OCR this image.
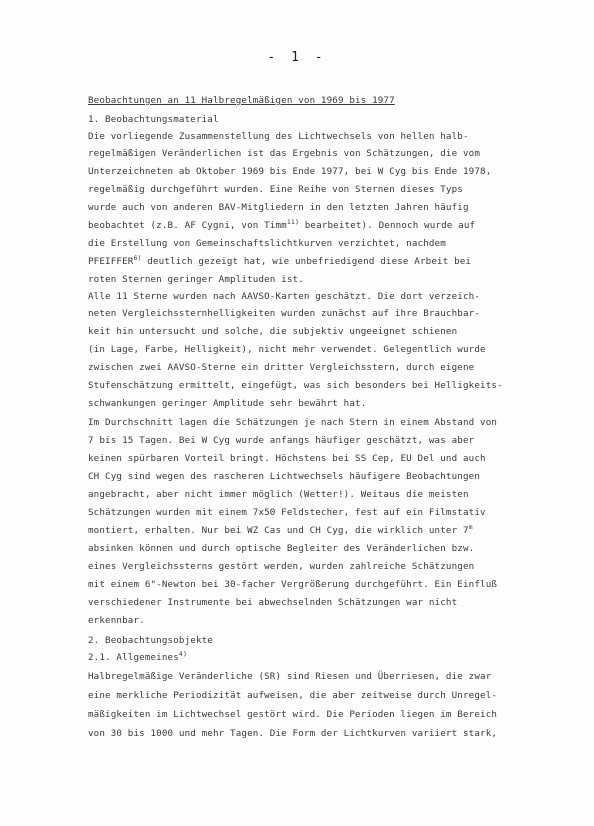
- 1 -
Beobachtungen an 11 Halbregelmäßigen von 1969 bis 1977
1. Beobachtungsmaterial
Die vorliegende Zusammenstellung des Lichtwechsels von hellen halb-
regelmäßigen Veränderlichen ist das Ergebnis von Schätzungen, die vom
Unterzeichneten ab Oktober 1969 bis Ende 1977, bei W Cyg bis Ende 1978,
regelmäßig durchgeführt wurden. Eine Reihe von Sternen dieses Typs
wurde auch von anderen BAV-Mitgliedern in den letzten Jahren häufig
beobachtet (z.B. AF Cygni, von Timm$^{11)}$ bearbeitet). Dennoch wurde auf
die Erstellung von Gemeinschaftslichtkurven verzichtet, nachdem
PFEIFFER$^{6)}$ deutlich gezeigt hat, wie unbefriedigend diese Arbeit bei
roten Sternen geringer Amplituden ist.
Alle 11 Sterne wurden nach AAVSO-Karten geschätzt. Die dort verzeich-
neten Vergleichssternhelligkeiten wurden zunächst auf ihre Brauchbar-
keit hin untersucht und solche, die subjektiv ungeeignet schienen
(in Lage, Farbe, Helligkeit), nicht mehr verwendet. Gelegentlich wurde
zwischen zwei AAVSO-Sterne ein dritter Vergleichsstern, durch eigene
Stufenschätzung ermittelt, eingefügt, was sich besonders bei Helligkeits-
schwankungen geringer Amplitude sehr bewährt hat.
Im Durchschnitt lagen die Schätzungen je nach Stern in einem Abstand von
7 bis 15 Tagen. Bei W Cyg wurde anfangs häufiger geschätzt, was aber
keinen spürbaren Vorteil bringt. Höchstens bei SS Cep, EU Del und auch
CH Cyg sind wegen des rascheren Lichtwechsels häufigere Beobachtungen
angebracht, aber nicht immer möglich (Wetter!). Weitaus die meisten
Schätzungen wurden mit einem 7x50 Feldstecher, fest auf ein Filmstativ
montiert, erhalten. Nur bei WZ Cas und CH Cyg, die wirklich unter 7$^m$
absinken können und durch optische Begleiter des Veränderlichen bzw.
eines Vergleichssterns gestört werden, wurden zahlreiche Schätzungen
mit einem 6"-Newton bei 30-facher Vergrößerung durchgeführt. Ein Einfluß
verschiedener Instrumente bei abwechselnden Schätzungen war nicht
erkennbar.
2. Beobachtungsobjekte
2.1. Allgemeines$^{4)}$
Halbregelmäßige Veränderliche (SR) sind Riesen und Überriesen, die zwar
eine merkliche Periodizität aufweisen, die aber zeitweise durch Unregel-
mäßigkeiten im Lichtwechsel gestört wird. Die Perioden liegen im Bereich
von 30 bis 1000 und mehr Tagen. Die Form der Lichtkurven variiert stark,
